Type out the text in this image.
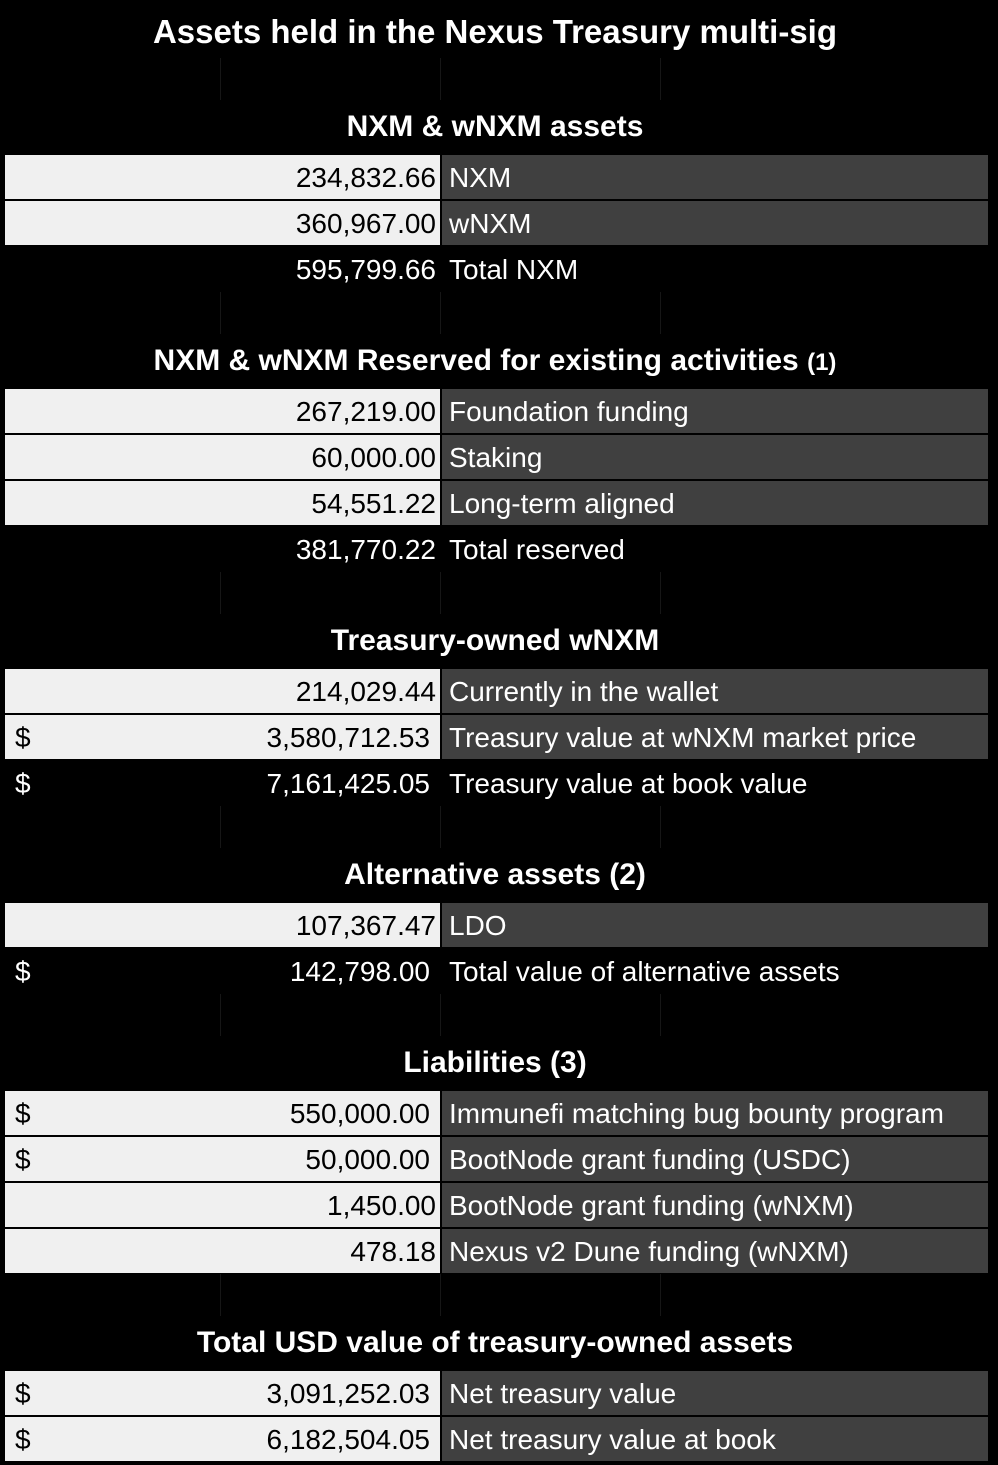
Assets held in the Nexus Treasury multi-sig
NXM & wNXM assets
234,832.66 NXM
360,967.00 wNXM
595,799.66 Total NXM
NXM & wNXM Reserved for existing activities (1)
267,219.00 Foundation funding
60,000.00 Staking
54,551.22 Long-term aligned
381,770.22 Total reserved
Treasury-owned wNXM
214,029.44 Currently in the wallet
$	3,580,712.53 Treasury value at wNXM market price
$	7,161,425.05 Treasury value at book value
Alternative assets (2)
107,367.47 LDO
$	142,798.00 Total value of alternative assets
Liabilities (3)
$	550,000.00 Immunefi matching bug bounty program
$	50,000.00 BootNode grant funding (USDC)
1,450.00 BootNode grant funding (wNXM)
478.18 Nexus v2 Dune funding (wNXM)
Total USD value of treasury-owned assets
$	3,091,252.03 Net treasury value
$	6,182,504.05 Net treasury value at book
